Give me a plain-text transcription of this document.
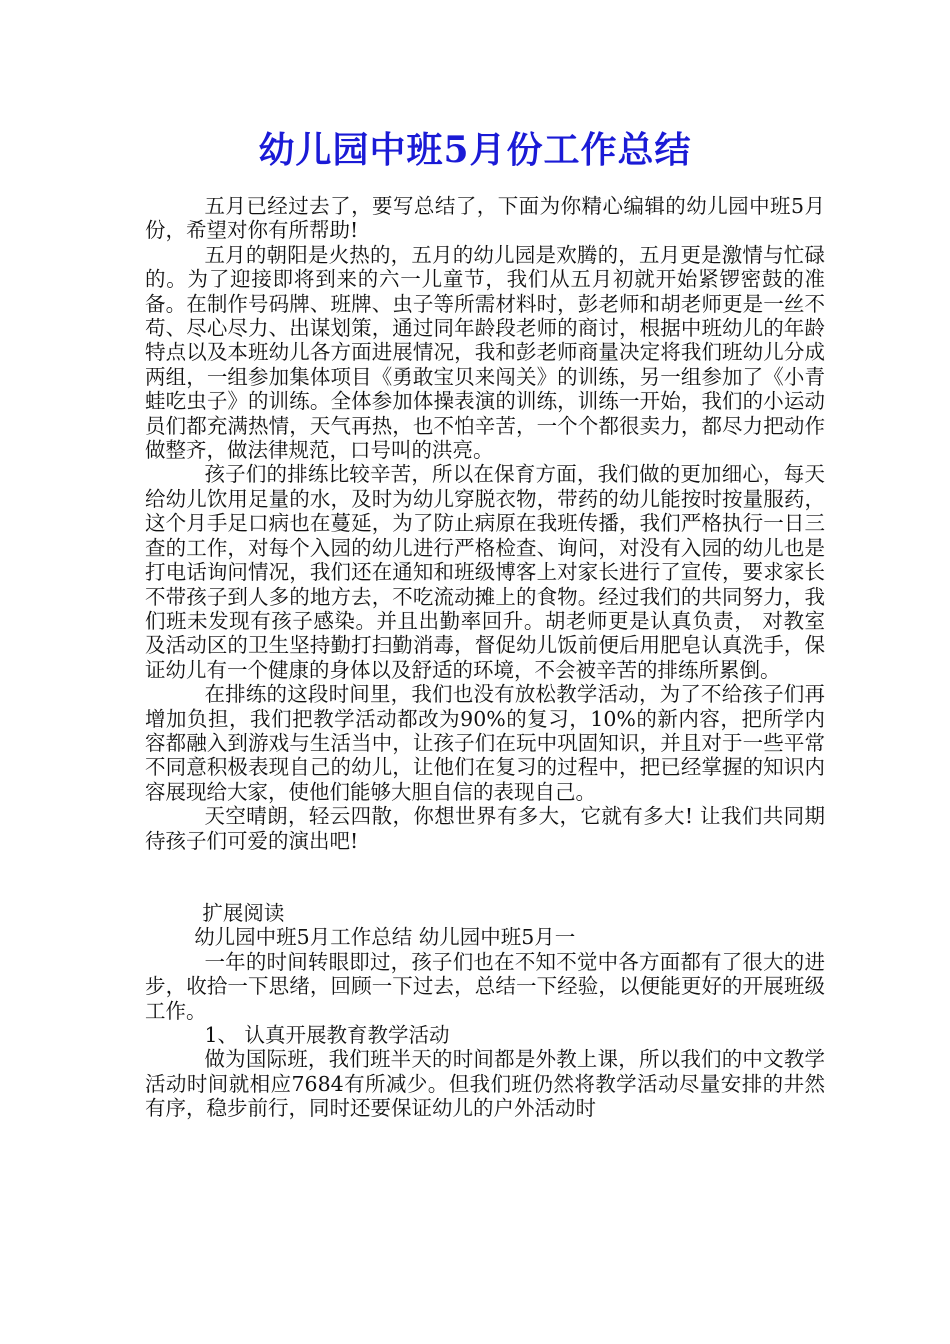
幼儿园中班5月份工作总结

五月已经过去了，要写总结了，下面为你精心编辑的幼儿园中班5月份，希望对你有所帮助!

五月的朝阳是火热的，五月的幼儿园是欢腾的，五月更是激情与忙碌的。为了迎接即将到来的六一儿童节，我们从五月初就开始紧锣密鼓的准备。在制作号码牌、班牌、虫子等所需材料时，彭老师和胡老师更是一丝不苟、尽心尽力、出谋划策，通过同年龄段老师的商讨，根据中班幼儿的年龄特点以及本班幼儿各方面进展情况，我和彭老师商量决定将我们班幼儿分成两组，一组参加集体项目《勇敢宝贝来闯关》的训练，另一组参加了《小青蛙吃虫子》的训练。全体参加体操表演的训练，训练一开始，我们的小运动员们都充满热情，天气再热，也不怕辛苦，一个个都很卖力，都尽力把动作做整齐，做法律规范，口号叫的洪亮。

孩子们的排练比较辛苦，所以在保育方面，我们做的更加细心，每天给幼儿饮用足量的水，及时为幼儿穿脱衣物，带药的幼儿能按时按量服药，这个月手足口病也在蔓延，为了防止病原在我班传播，我们严格执行一日三查的工作，对每个入园的幼儿进行严格检查、询问，对没有入园的幼儿也是打电话询问情况，我们还在通知和班级博客上对家长进行了宣传，要求家长不带孩子到人多的地方去，不吃流动摊上的食物。经过我们的共同努力，我们班未发现有孩子感染。并且出勤率回升。胡老师更是认真负责， 对教室及活动区的卫生坚持勤打扫勤消毒，督促幼儿饭前便后用肥皂认真洗手，保证幼儿有一个健康的身体以及舒适的环境，不会被辛苦的排练所累倒。

在排练的这段时间里，我们也没有放松教学活动，为了不给孩子们再增加负担，我们把教学活动都改为90%的复习，10%的新内容，把所学内容都融入到游戏与生活当中，让孩子们在玩中巩固知识，并且对于一些平常不同意积极表现自己的幼儿，让他们在复习的过程中，把已经掌握的知识内容展现给大家，使他们能够大胆自信的表现自己。

天空晴朗，轻云四散，你想世界有多大，它就有多大! 让我们共同期待孩子们可爱的演出吧!

扩展阅读

幼儿园中班5月工作总结 幼儿园中班5月一

一年的时间转眼即过，孩子们也在不知不觉中各方面都有了很大的进步，收拾一下思绪，回顾一下过去，总结一下经验，以便能更好的开展班级工作。

1、 认真开展教育教学活动

做为国际班，我们班半天的时间都是外教上课，所以我们的中文教学活动时间就相应7684有所减少。但我们班仍然将教学活动尽量安排的井然有序，稳步前行，同时还要保证幼儿的户外活动时
